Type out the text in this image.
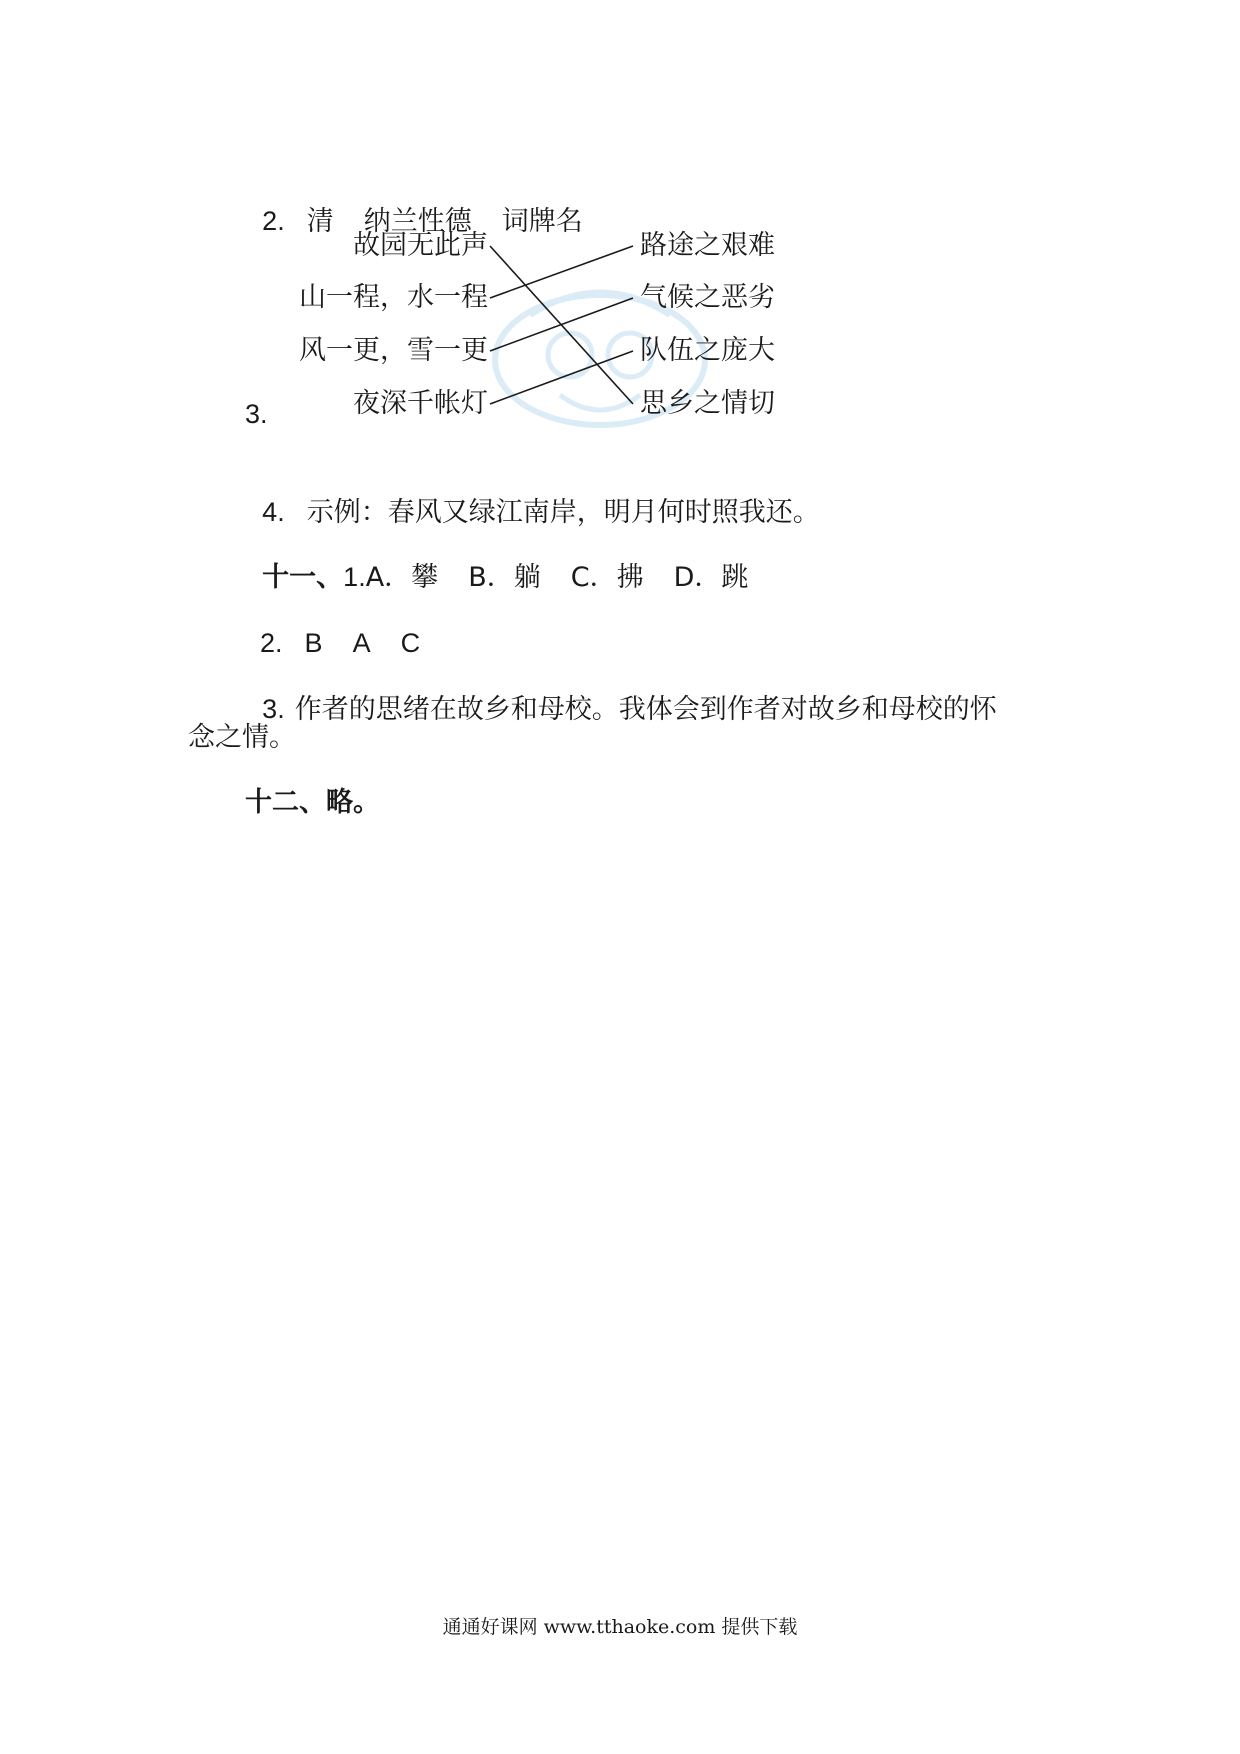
2. 清 纳兰性德 词牌名

3.
故园无此声
山一程，水一程
风一更，雪一更
夜深千帐灯
路途之艰难
气候之恶劣
队伍之庞大
思乡之情切

4. 示例：春风又绿江南岸，明月何时照我还。

十一、1.A．攀 B．躺 C．拂 D．跳

2. B A C

3. 作者的思绪在故乡和母校。我体会到作者对故乡和母校的怀

念之情。
十二、略。
通通好课网 www.tthaoke.com 提供下载
